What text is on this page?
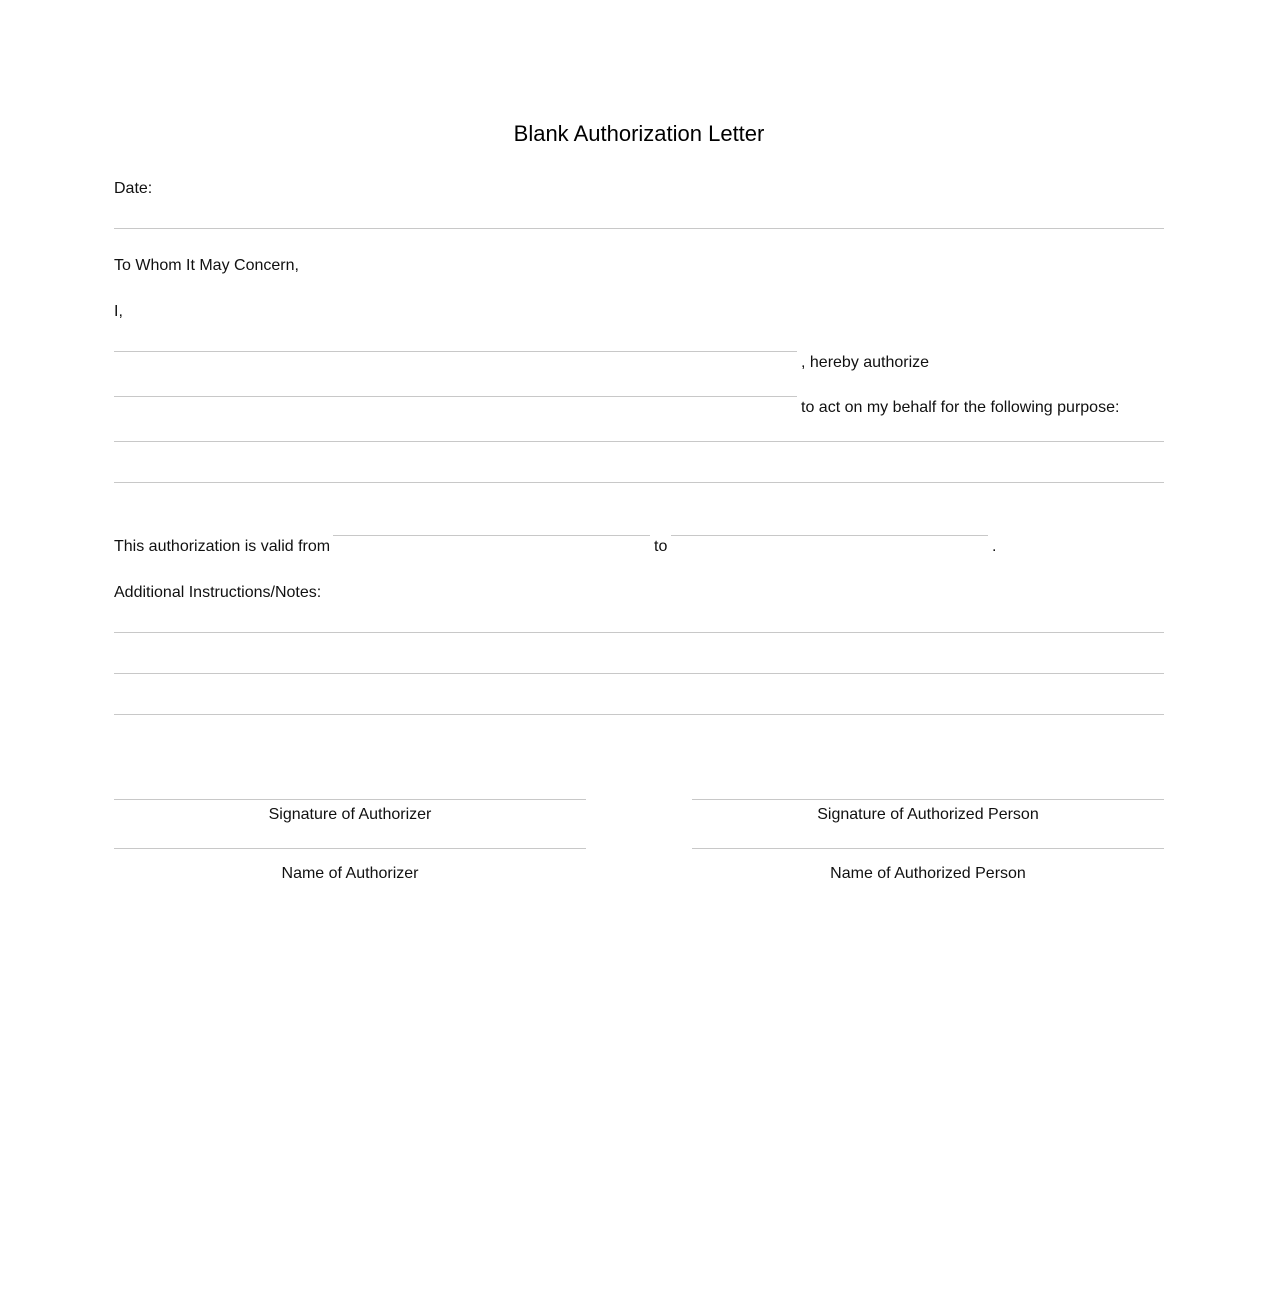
Blank Authorization Letter
Date:
To Whom It May Concern,
I,
, hereby authorize
to act on my behalf for the following purpose:
This authorization is valid from	to	.
Additional Instructions/Notes:
Signature of Authorizer	Signature of Authorized Person
Name of Authorizer	Name of Authorized Person
